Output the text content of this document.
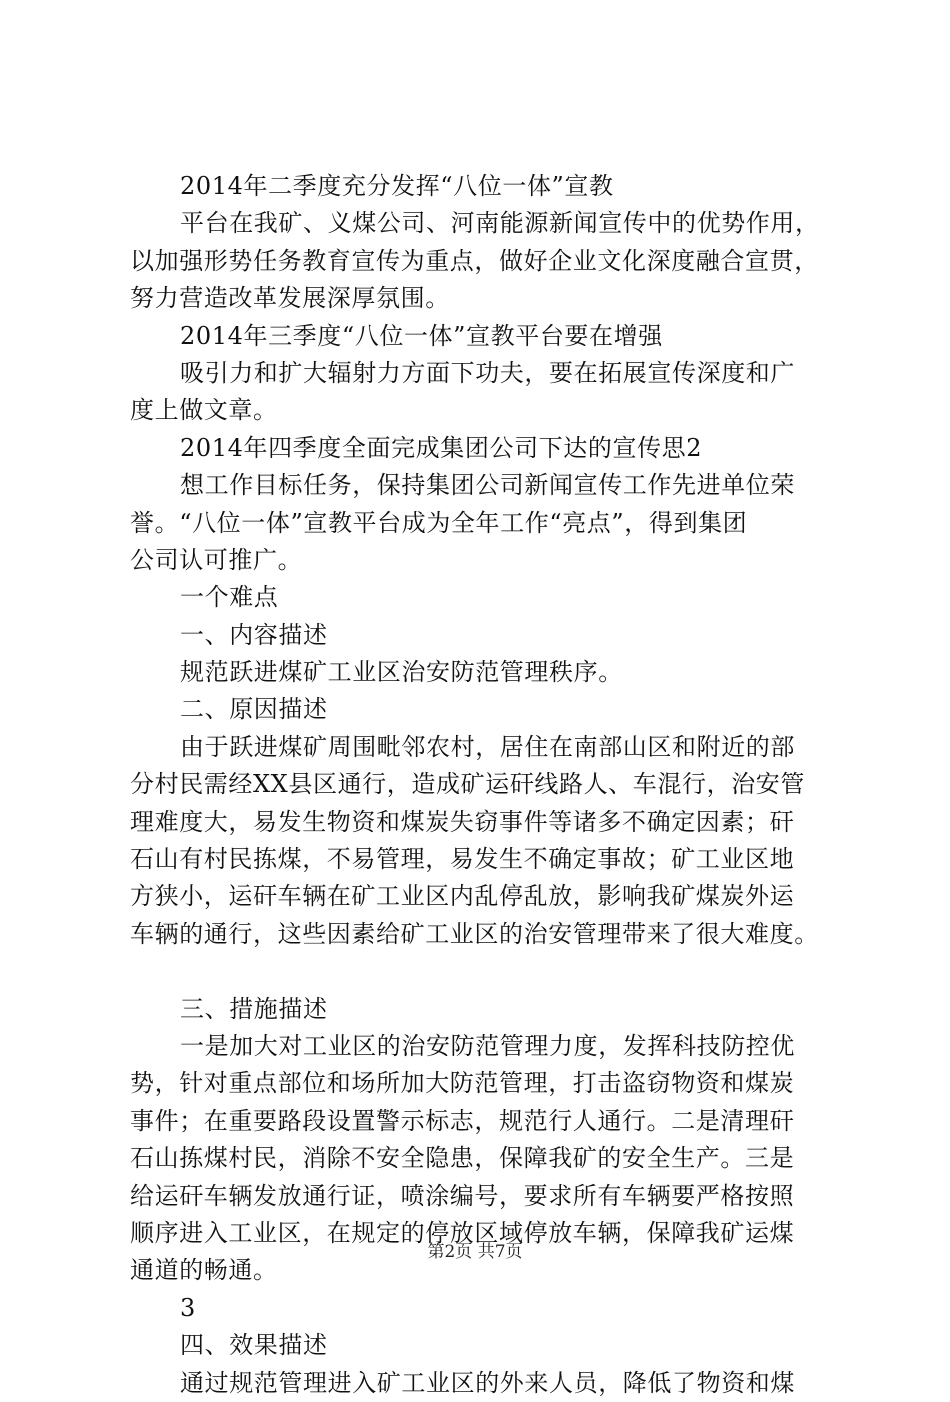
2014年二季度充分发挥“八位一体”宣教
平台在我矿、义煤公司、河南能源新闻宣传中的优势作用，
以加强形势任务教育宣传为重点，做好企业文化深度融合宣贯，
努力营造改革发展深厚氛围。
2014年三季度“八位一体”宣教平台要在增强
吸引力和扩大辐射力方面下功夫，要在拓展宣传深度和广
度上做文章。
2014年四季度全面完成集团公司下达的宣传思2
想工作目标任务，保持集团公司新闻宣传工作先进单位荣
誉。“八位一体”宣教平台成为全年工作“亮点”，得到集团
公司认可推广。
一个难点
一、内容描述
规范跃进煤矿工业区治安防范管理秩序。
二、原因描述
由于跃进煤矿周围毗邻农村，居住在南部山区和附近的部
分村民需经XX县区通行，造成矿运矸线路人、车混行，治安管
理难度大，易发生物资和煤炭失窃事件等诸多不确定因素；矸
石山有村民拣煤，不易管理，易发生不确定事故；矿工业区地
方狭小，运矸车辆在矿工业区内乱停乱放，影响我矿煤炭外运
车辆的通行，这些因素给矿工业区的治安管理带来了很大难度。
三、措施描述
一是加大对工业区的治安防范管理力度，发挥科技防控优
势，针对重点部位和场所加大防范管理，打击盗窃物资和煤炭
事件；在重要路段设置警示标志，规范行人通行。二是清理矸
石山拣煤村民，消除不安全隐患，保障我矿的安全生产。三是
给运矸车辆发放通行证，喷涂编号，要求所有车辆要严格按照
顺序进入工业区，在规定的停放区域停放车辆，保障我矿运煤
通道的畅通。
3
四、效果描述
通过规范管理进入矿工业区的外来人员，降低了物资和煤
第2页 共7页
